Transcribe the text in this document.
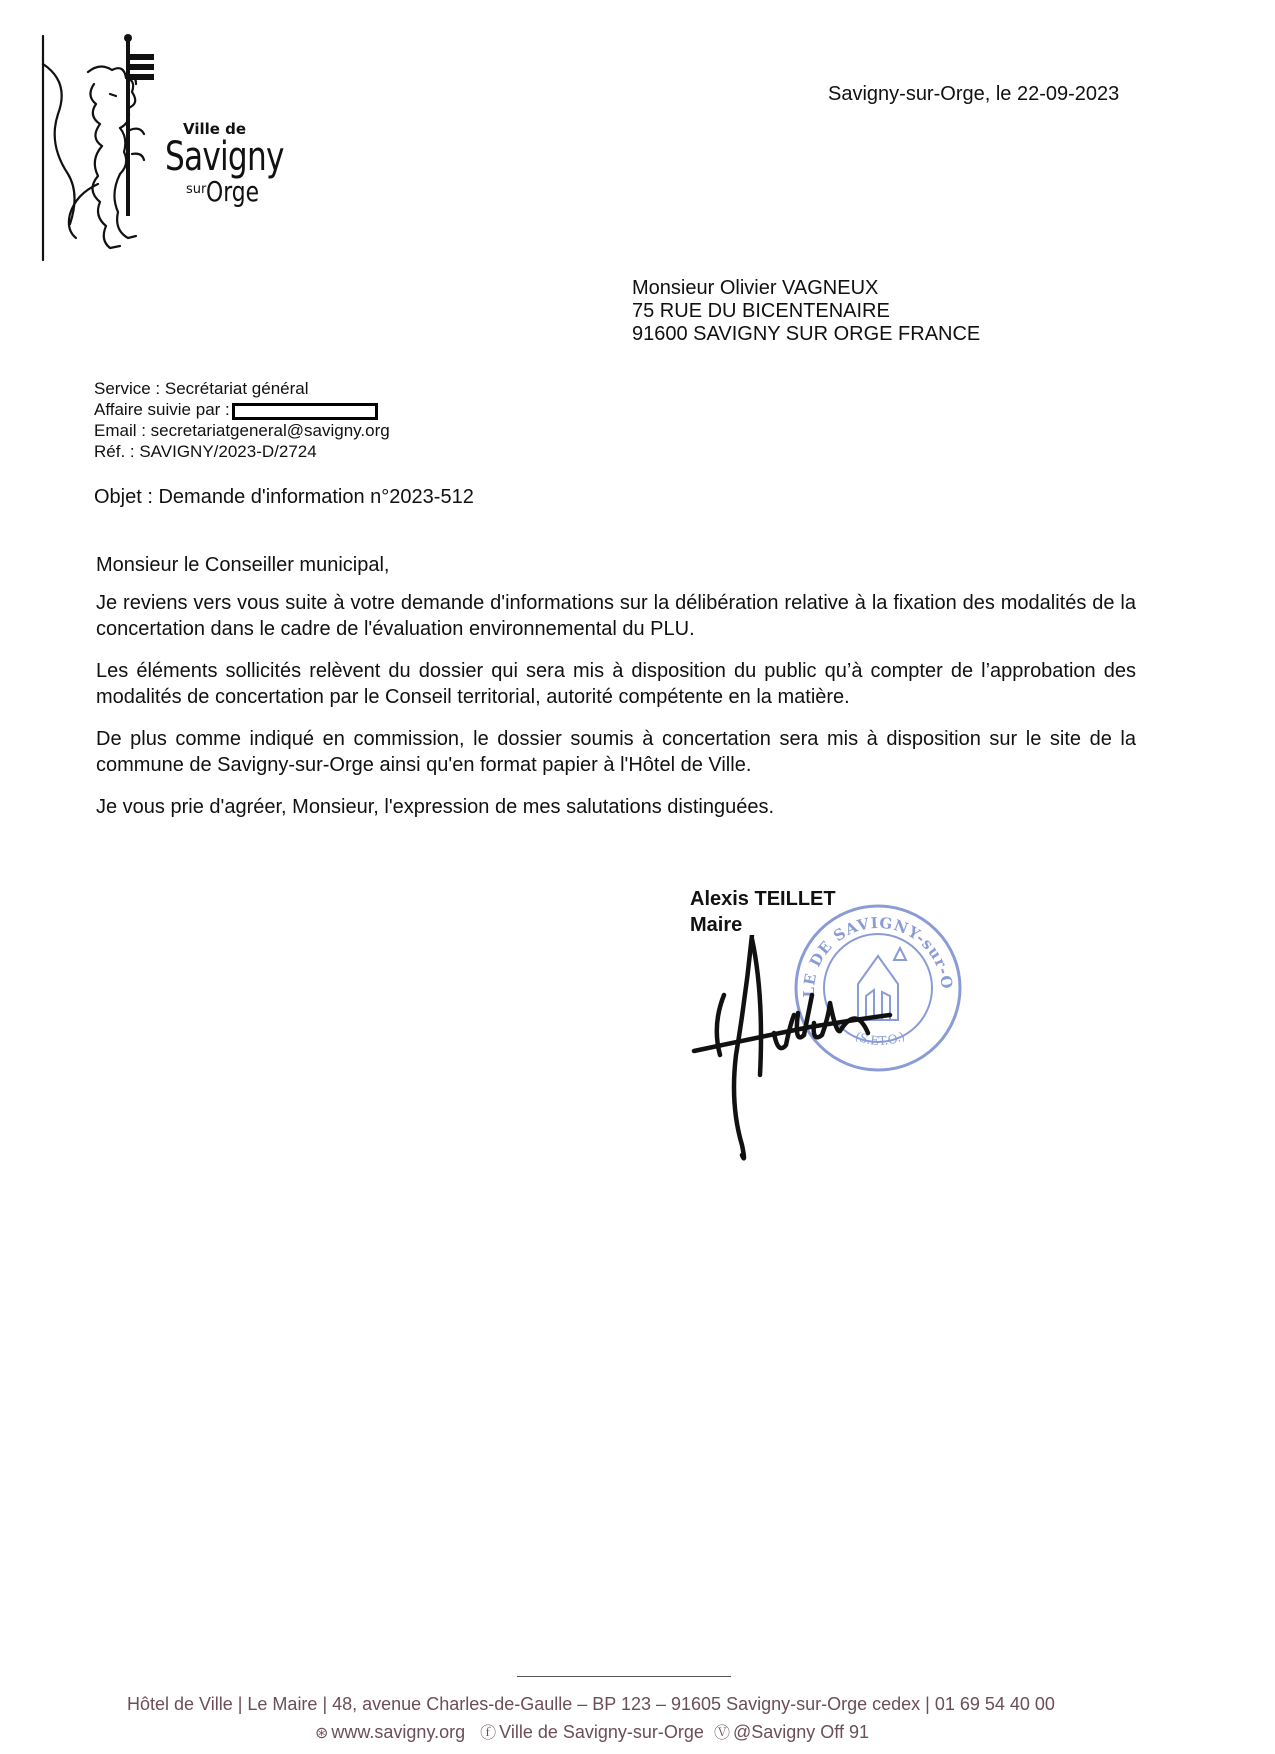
Ville de
Savigny
sur Orge
Savigny-sur-Orge, le 22-09-2023
Monsieur Olivier VAGNEUX
75 RUE DU BICENTENAIRE
91600 SAVIGNY SUR ORGE FRANCE
Service : Secrétariat général
Affaire suivie par :
Email : secretariatgeneral@savigny.org
Réf. : SAVIGNY/2023-D/2724
Objet : Demande d'information n°2023-512

Monsieur le Conseiller municipal,

Je reviens vers vous suite à votre demande d'informations sur la délibération relative à la fixation des modalités de la concertation dans le cadre de l'évaluation environnemental du PLU.

Les éléments sollicités relèvent du dossier qui sera mis à disposition du public qu’à compter de l’approbation des modalités de concertation par le Conseil territorial, autorité compétente en la matière.

De plus comme indiqué en commission, le dossier soumis à concertation sera mis à disposition sur le site de la commune de Savigny-sur-Orge ainsi qu'en format papier à l'Hôtel de Ville.

Je vous prie d'agréer, Monsieur, l'expression de mes salutations distinguées.

Alexis TEILLET
Maire
LE DE SAVIGNY-sur-O
(S.ET.O.)
Hôtel de Ville | Le Maire | 48, avenue Charles-de-Gaulle – BP 123 – 91605 Savigny-sur-Orge cedex | 01 69 54 40 00
⊛ www.savigny.org ⓕ Ville de Savigny-sur-Orge Ⓥ @Savigny Off 91
